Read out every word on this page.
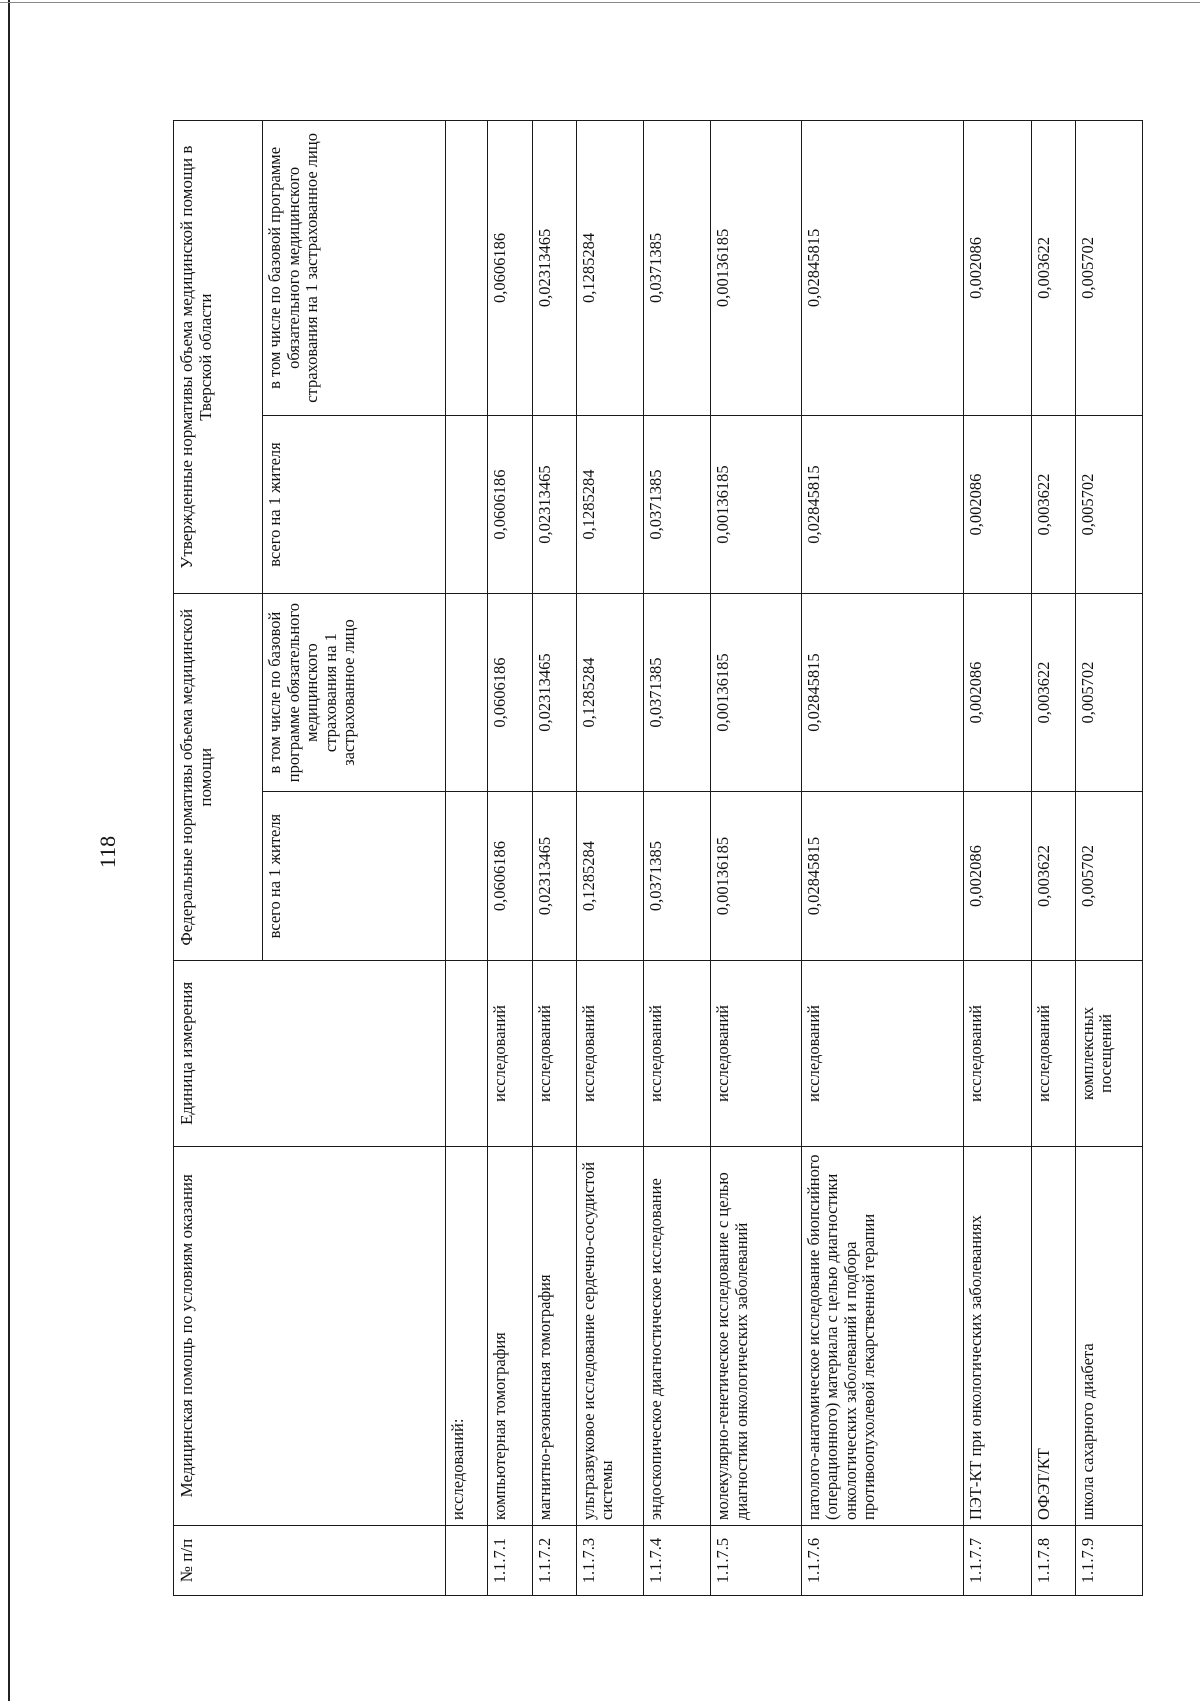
118
№ п/п	Медицинская помощь по условиям оказания	Единица измерения	Федеральные нормативы объема медицинской помощи		Утвержденные нормативы объема медицинской помощи в Тверской области	
			всего на 1 жителя	в том числе по базовой программе обязательного медицинского страхования на 1 застрахованное лицо	всего на 1 жителя	в том числе по базовой программе обязательного медицинского страхования на 1 застрахованное лицо
	исследований:					
1.1.7.1	компьютерная томография	исследований	0,0606186	0,0606186	0,0606186	0,0606186
1.1.7.2	магнитно-резонансная томография	исследований	0,02313465	0,02313465	0,02313465	0,02313465
1.1.7.3	ультразвуковое исследование сердечно-сосудистой системы	исследований	0,1285284	0,1285284	0,1285284	0,1285284
1.1.7.4	эндоскопическое диагностическое исследование	исследований	0,0371385	0,0371385	0,0371385	0,0371385
1.1.7.5	молекулярно-генетическое исследование с целью диагностики онкологических заболеваний	исследований	0,00136185	0,00136185	0,00136185	0,00136185
1.1.7.6	патолого-анатомическое исследование биопсийного (операционного) материала с целью диагностики онкологических заболеваний и подбора противоопухолевой лекарственной терапии	исследований	0,02845815	0,02845815	0,02845815	0,02845815
1.1.7.7	ПЭТ-КТ при онкологических заболеваниях	исследований	0,002086	0,002086	0,002086	0,002086
1.1.7.8	ОФЭТ/КТ	исследований	0,003622	0,003622	0,003622	0,003622
1.1.7.9	школа сахарного диабета	комплексных посещений	0,005702	0,005702	0,005702	0,005702
